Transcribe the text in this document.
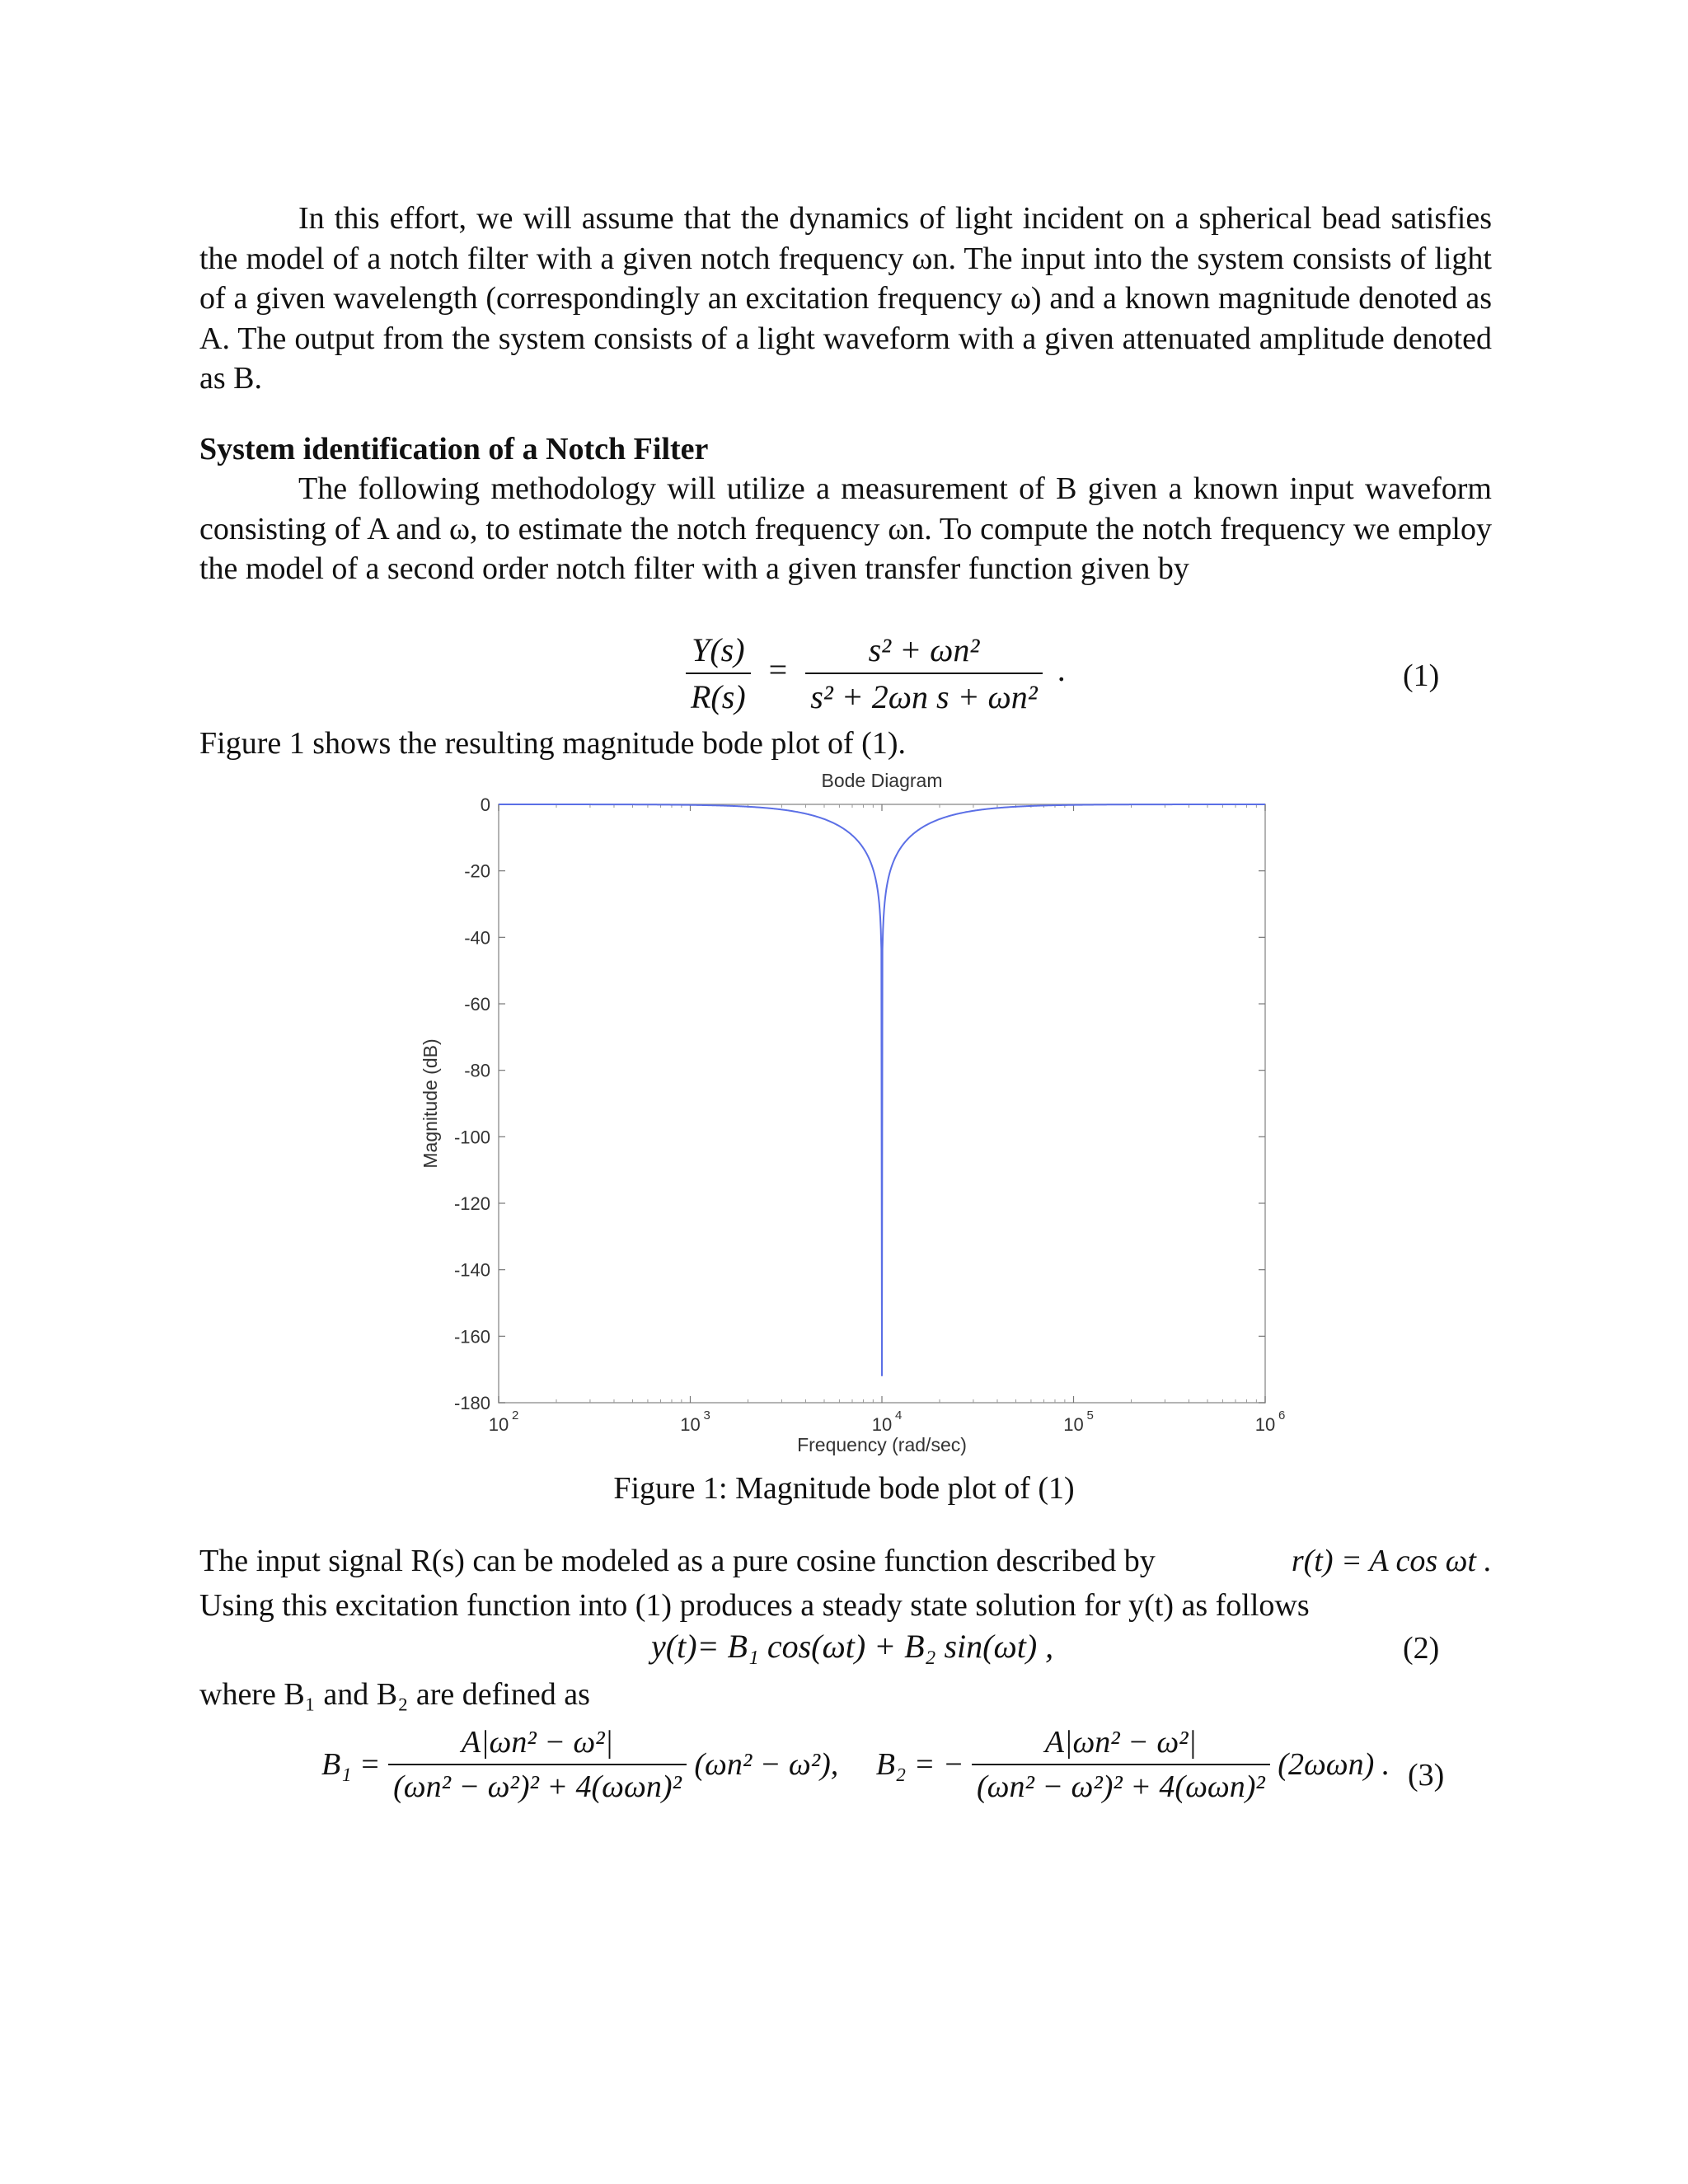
In this effort, we will assume that the dynamics of light incident on a spherical bead satisfies the model of a notch filter with a given notch frequency ωn. The input into the system consists of light of a given wavelength (correspondingly an excitation frequency ω) and a known magnitude denoted as A. The output from the system consists of a light waveform with a given attenuated amplitude denoted as B.

System identification of a Notch Filter

The following methodology will utilize a measurement of B given a known input waveform consisting of A and ω, to estimate the notch frequency ωn. To compute the notch frequency we employ the model of a second order notch filter with a given transfer function given by

$\frac{Y(s)}{R(s)} = \frac{\text{s² + ωn²}}{\text{s² + 2ωn s + ωn²}}$ .	(1)

Figure 1 shows the resulting magnitude bode plot of (1).

Bode Diagram
0
-20
-40
-60
-80
-100
-120
-140
-160
-180
10 2	10 3	10 4	10 5	10 6
Frequency (rad/sec)
Magnitude (dB)

Figure 1: Magnitude bode plot of (1)

The input signal R(s) can be modeled as a pure cosine function described by	r(t) = A cos ωt .

Using this excitation function into (1) produces a steady state solution for y(t) as follows

y(t)= B₁ cos(ωt) + B₂ sin(ωt) ,	(2)

where B₁ and B₂ are defined as

$B_1 = \frac{\text{A|ωn² − ω²|}}{\text{(ωn² − ω²)² + 4(ωωn)²}} (\omega n^2 - \omega^2)$, B₂ = − $\frac{\text{A|ωn² − ω²|}}{\text{(ωn² − ω²)² + 4(ωωn)²}} (2\omega\omega n)$ . (3)
